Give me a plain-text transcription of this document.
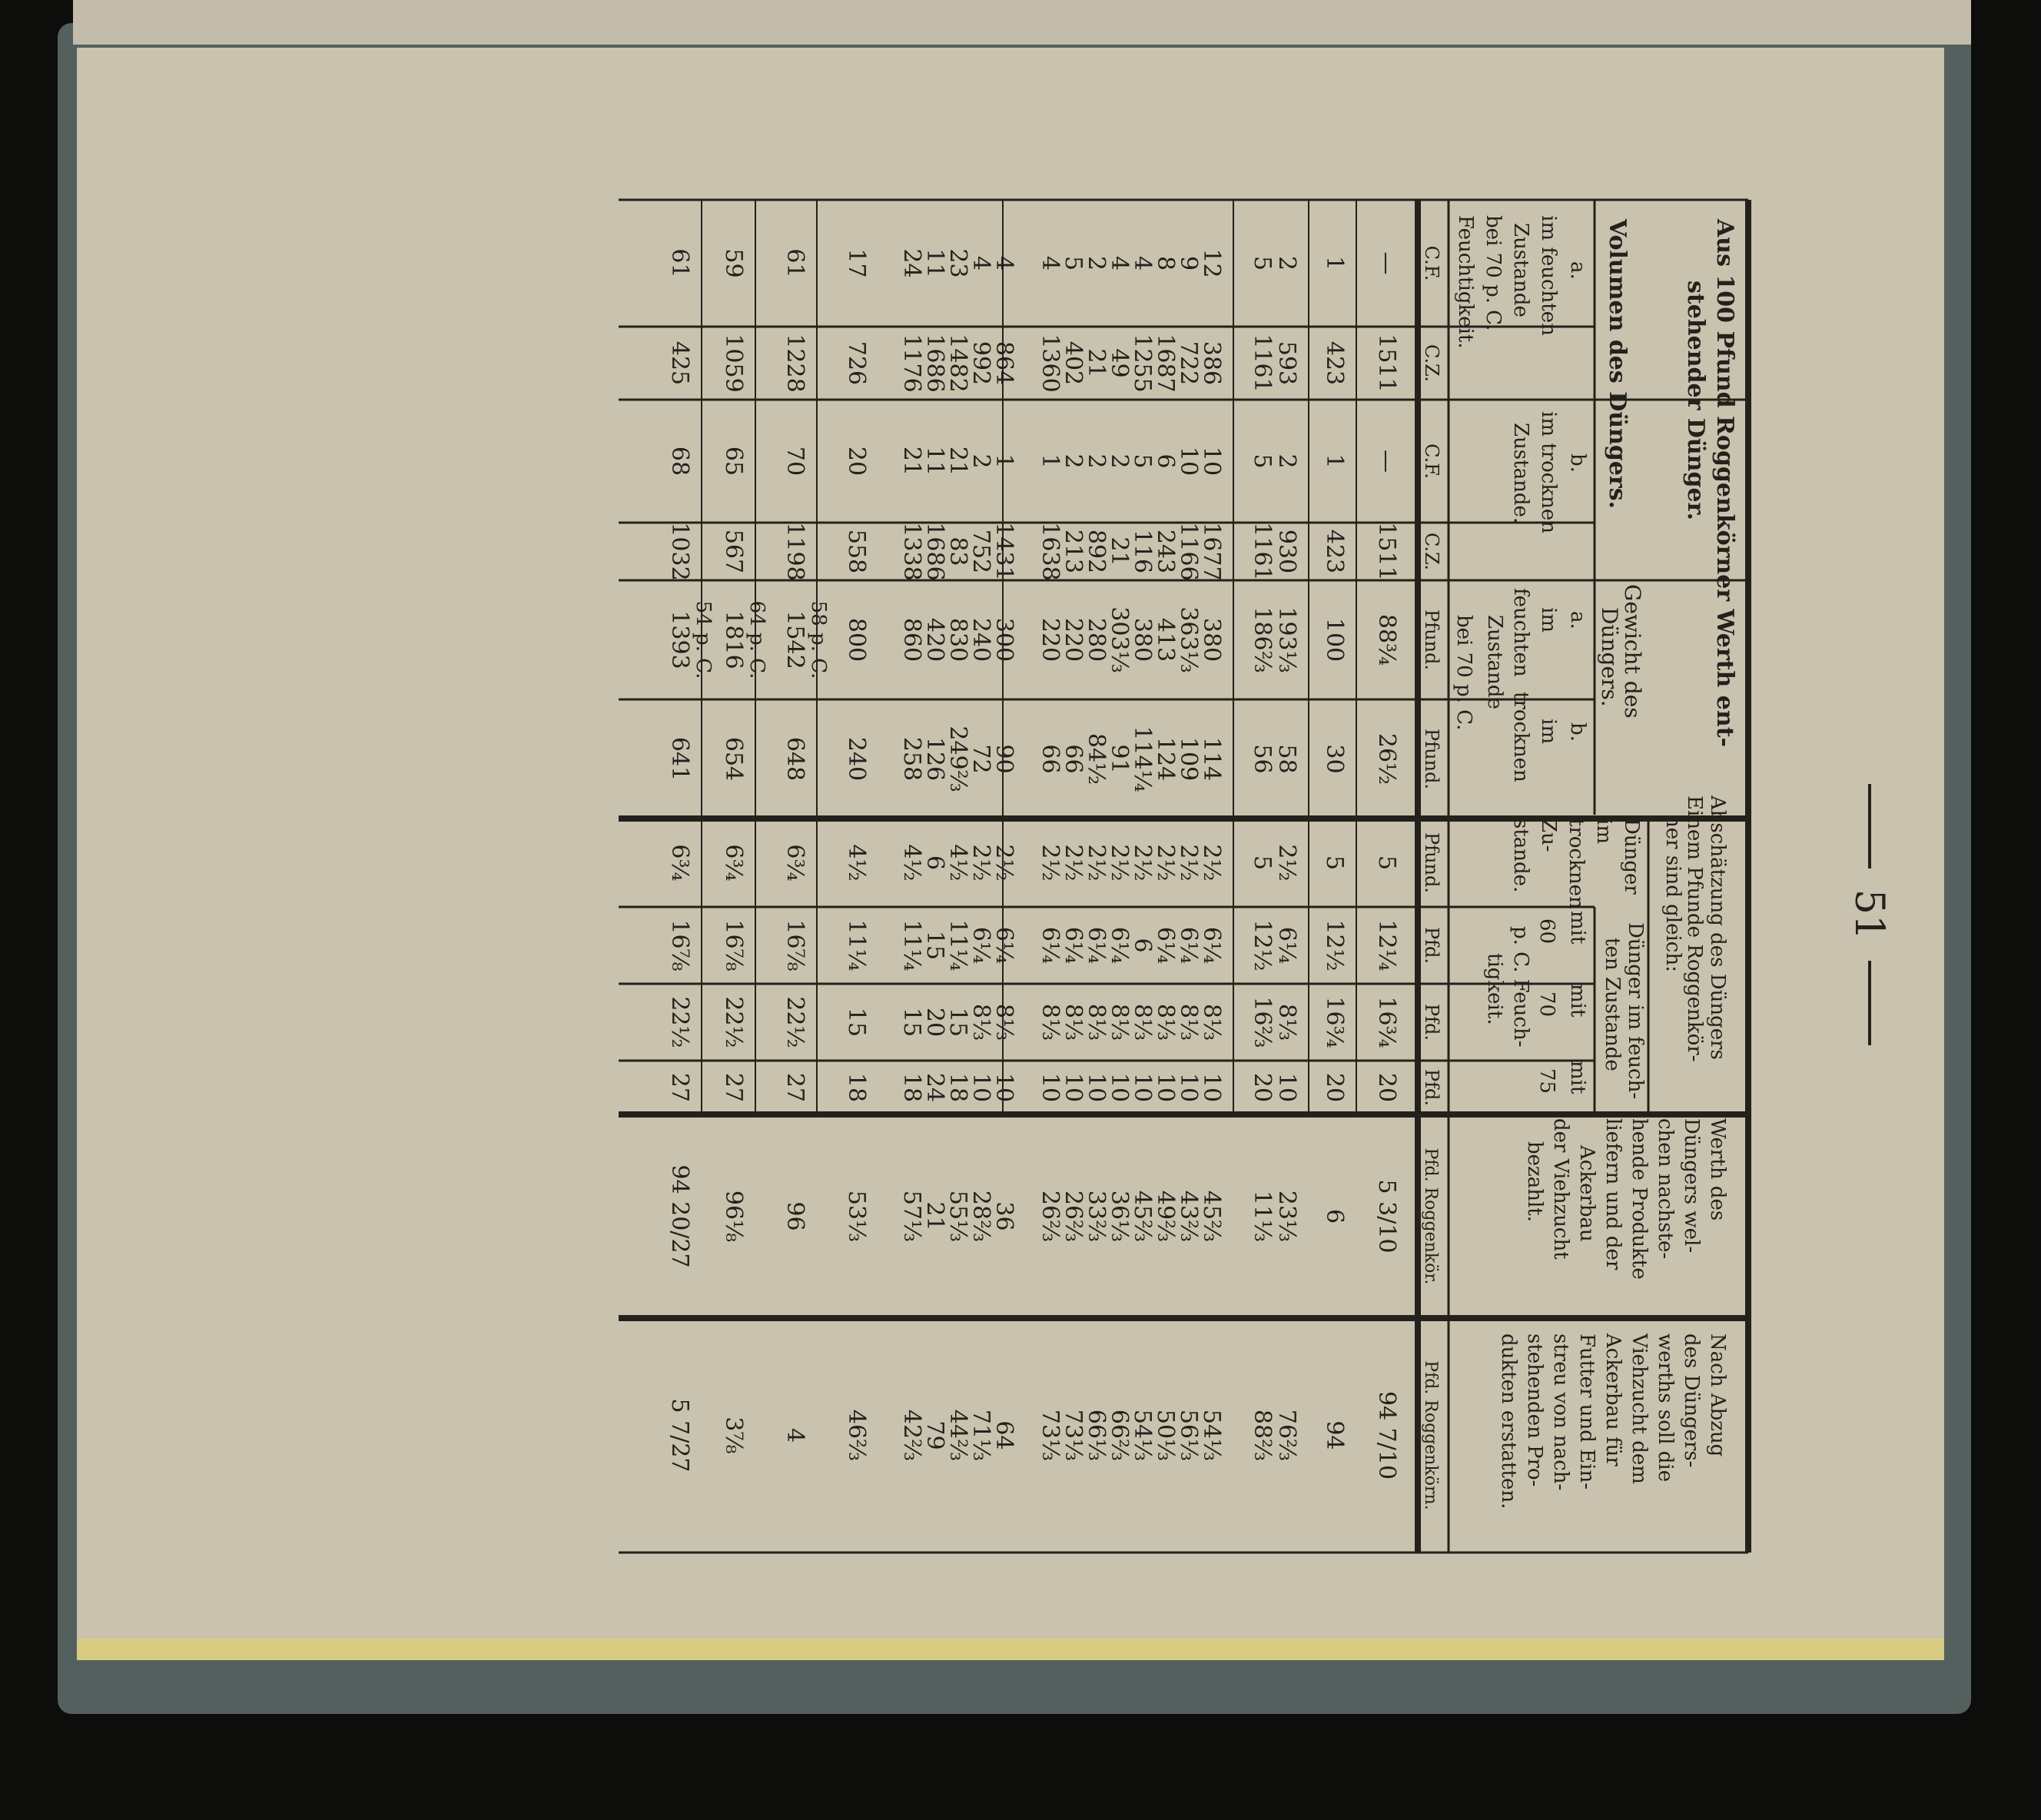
51
Aus 100 Pfund Roggenkörner Werth ent-
stehender Dünger.
Volumen des Düngers.
Gewicht des
Düngers.
Abschätzung des Düngers
Einem Pfunde Roggenkör-
ner sind gleich:
Dünger
im
trocknen
Zu-
stande.
Dünger im feuch-
ten Zustande
mit
mit
mit
60
70
75
p. C. Feuch-
tigkeit.
Werth des
Düngers wel-
chen nachste-
hende Produkte
liefern und der
Ackerbau
der Viehzucht
bezahlt.
Nach Abzug
des Düngers-
werths soll die
Viehzucht dem
Ackerbau für
Futter und Ein-
streu von nach-
stehenden Pro-
dukten erstatten.
a.
im feuchten
Zustande
bei 70 p. C.
Feuchtigkeit.
b.
im trocknen
Zustande.
a.
im
feuchten
Zustande
b.
im
trocknen
bei 70 p. C.
C.F.
C.Z.
C.F.
C.Z.
Pfund.
Pfund.
Pfund.
Pfd.
Pfd.
Pfd.
Pfd. Roggenkör.
Pfd. Roggenkörn.
—
1511
—
1511
88¾
26½
5
12¼
16¾
20
5 3/10
94 7/10
1
423
1
423
100
30
5
12½
16¾
20
6
94
2
593
2
930
193⅓
58
2½
6¼
8⅓
10
23⅓
76⅔
5
1161
5
1161
186⅔
56
5
12½
16⅔
20
11⅓
88⅔
12
386
10
1677
380
114
2½
6¼
8⅓
10
45⅔
54⅓
9
722
10
1166
363⅓
109
2½
6¼
8⅓
10
43⅔
56⅓
8
1687
6
243
413
124
2½
6¼
8⅓
10
49⅔
50⅓
4
1255
5
116
380
114¼
2½
6
8⅓
10
45⅔
54⅓
4
49
2
21
303⅓
91
2½
6¼
8⅓
10
36⅓
66⅔
2
21
2
892
280
84½
2½
6¼
8⅓
10
33⅔
66⅓
5
402
2
213
220
66
2½
6¼
8⅓
10
26⅔
73⅓
4
1360
1
1638
220
66
2½
6¼
8⅓
10
26⅔
73⅓
4
864
1
1431
300
90
2½
6¼
8⅓
10
36
64
4
992
2
752
240
72
2½
6¼
8⅓
10
28⅔
71⅓
23
1482
21
83
830
249⅔
4½
11¼
15
18
55⅓
44⅔
11
1686
11
1686
420
126
6
15
20
24
21
79
24
1176
21
1338
860
258
4½
11¼
15
18
57⅓
42⅔
17
726
20
558
800
240
4½
11¼
15
18
53⅓
46⅔
61
1228
70
1198
1542
648
6¾
16⅞
22½
27
96
4
58 p. C.
59
1059
65
567
1816
654
6¾
16⅞
22½
27
96⅛
3⅞
64 p. C.
61
425
68
1032
1393
641
6¾
16⅞
22½
27
94 20/27
5 7/27
54 p. C.
